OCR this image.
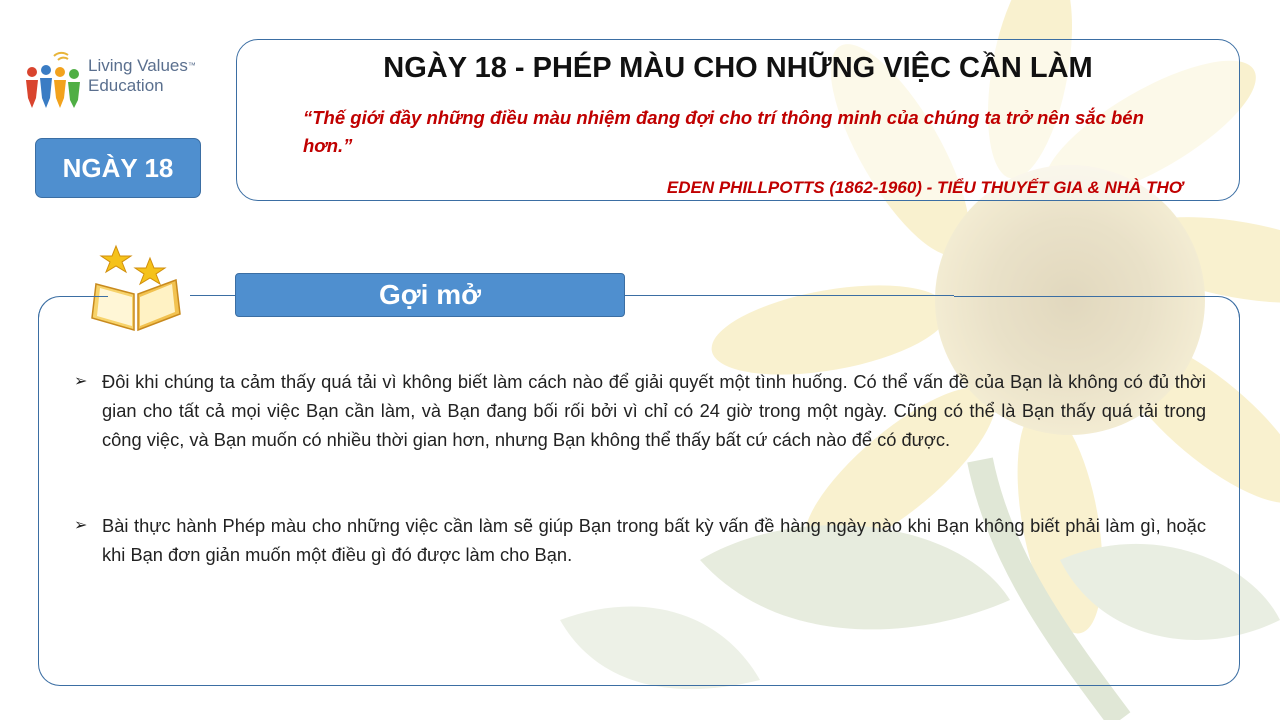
Living Values™
Education
NGÀY 18
NGÀY 18 - PHÉP MÀU CHO NHỮNG VIỆC CẦN LÀM
“Thế giới đầy những điều màu nhiệm đang đợi cho trí thông minh của chúng ta trở nên sắc bén hơn.”
EDEN PHILLPOTTS (1862-1960) - TIỂU THUYẾT GIA & NHÀ THƠ
Gợi mở
➢ Đôi khi chúng ta cảm thấy quá tải vì không biết làm cách nào để giải quyết một tình huống. Có thể vấn đề của Bạn là không có đủ thời gian cho tất cả mọi việc Bạn cần làm, và Bạn đang bối rối bởi vì chỉ có 24 giờ trong một ngày. Cũng có thể là Bạn thấy quá tải trong công việc, và Bạn muốn có nhiều thời gian hơn, nhưng Bạn không thể thấy bất cứ cách nào để có được.
➢ Bài thực hành Phép màu cho những việc cần làm sẽ giúp Bạn trong bất kỳ vấn đề hàng ngày nào khi Bạn không biết phải làm gì, hoặc khi Bạn đơn giản muốn một điều gì đó được làm cho Bạn.
